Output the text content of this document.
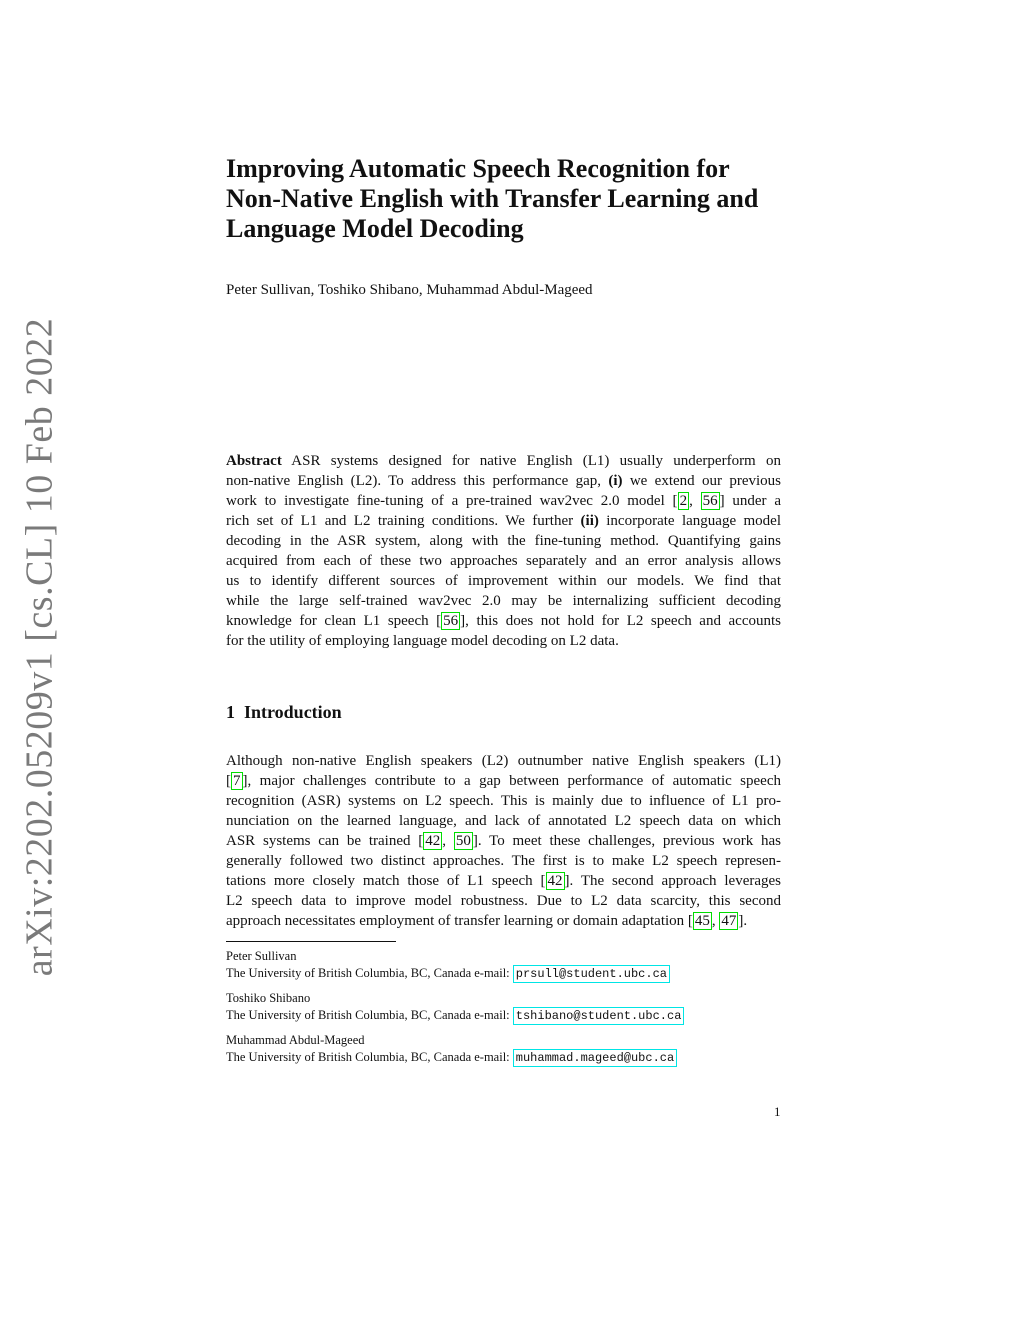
arXiv:2202.05209v1 [cs.CL] 10 Feb 2022
Improving Automatic Speech Recognition for
Non-Native English with Transfer Learning and
Language Model Decoding

Peter Sullivan, Toshiko Shibano, Muhammad Abdul-Mageed

Abstract ASR systems designed for native English (L1) usually underperform on
non-native English (L2). To address this performance gap, (i) we extend our previous
work to investigate fine-tuning of a pre-trained wav2vec 2.0 model [ 2 , 56 ] under a
rich set of L1 and L2 training conditions. We further (ii) incorporate language model
decoding in the ASR system, along with the fine-tuning method. Quantifying gains
acquired from each of these two approaches separately and an error analysis allows
us to identify different sources of improvement within our models. We find that
while the large self-trained wav2vec 2.0 may be internalizing sufficient decoding
knowledge for clean L1 speech [ 56 ], this does not hold for L2 speech and accounts
for the utility of employing language model decoding on L2 data.
1 Introduction
Although non-native English speakers (L2) outnumber native English speakers (L1)
[ 7 ], major challenges contribute to a gap between performance of automatic speech
recognition (ASR) systems on L2 speech. This is mainly due to influence of L1 pro-
nunciation on the learned language, and lack of annotated L2 speech data on which
ASR systems can be trained [ 42 , 50 ]. To meet these challenges, previous work has
generally followed two distinct approaches. The first is to make L2 speech represen-
tations more closely match those of L1 speech [ 42 ]. The second approach leverages
L2 speech data to improve model robustness. Due to L2 data scarcity, this second
approach necessitates employment of transfer learning or domain adaptation [ 45 , 47 ].
Peter Sullivan
The University of British Columbia, BC, Canada e-mail: prsull@student.ubc.ca
Toshiko Shibano
The University of British Columbia, BC, Canada e-mail: tshibano@student.ubc.ca
Muhammad Abdul-Mageed
The University of British Columbia, BC, Canada e-mail: muhammad.mageed@ubc.ca

1
